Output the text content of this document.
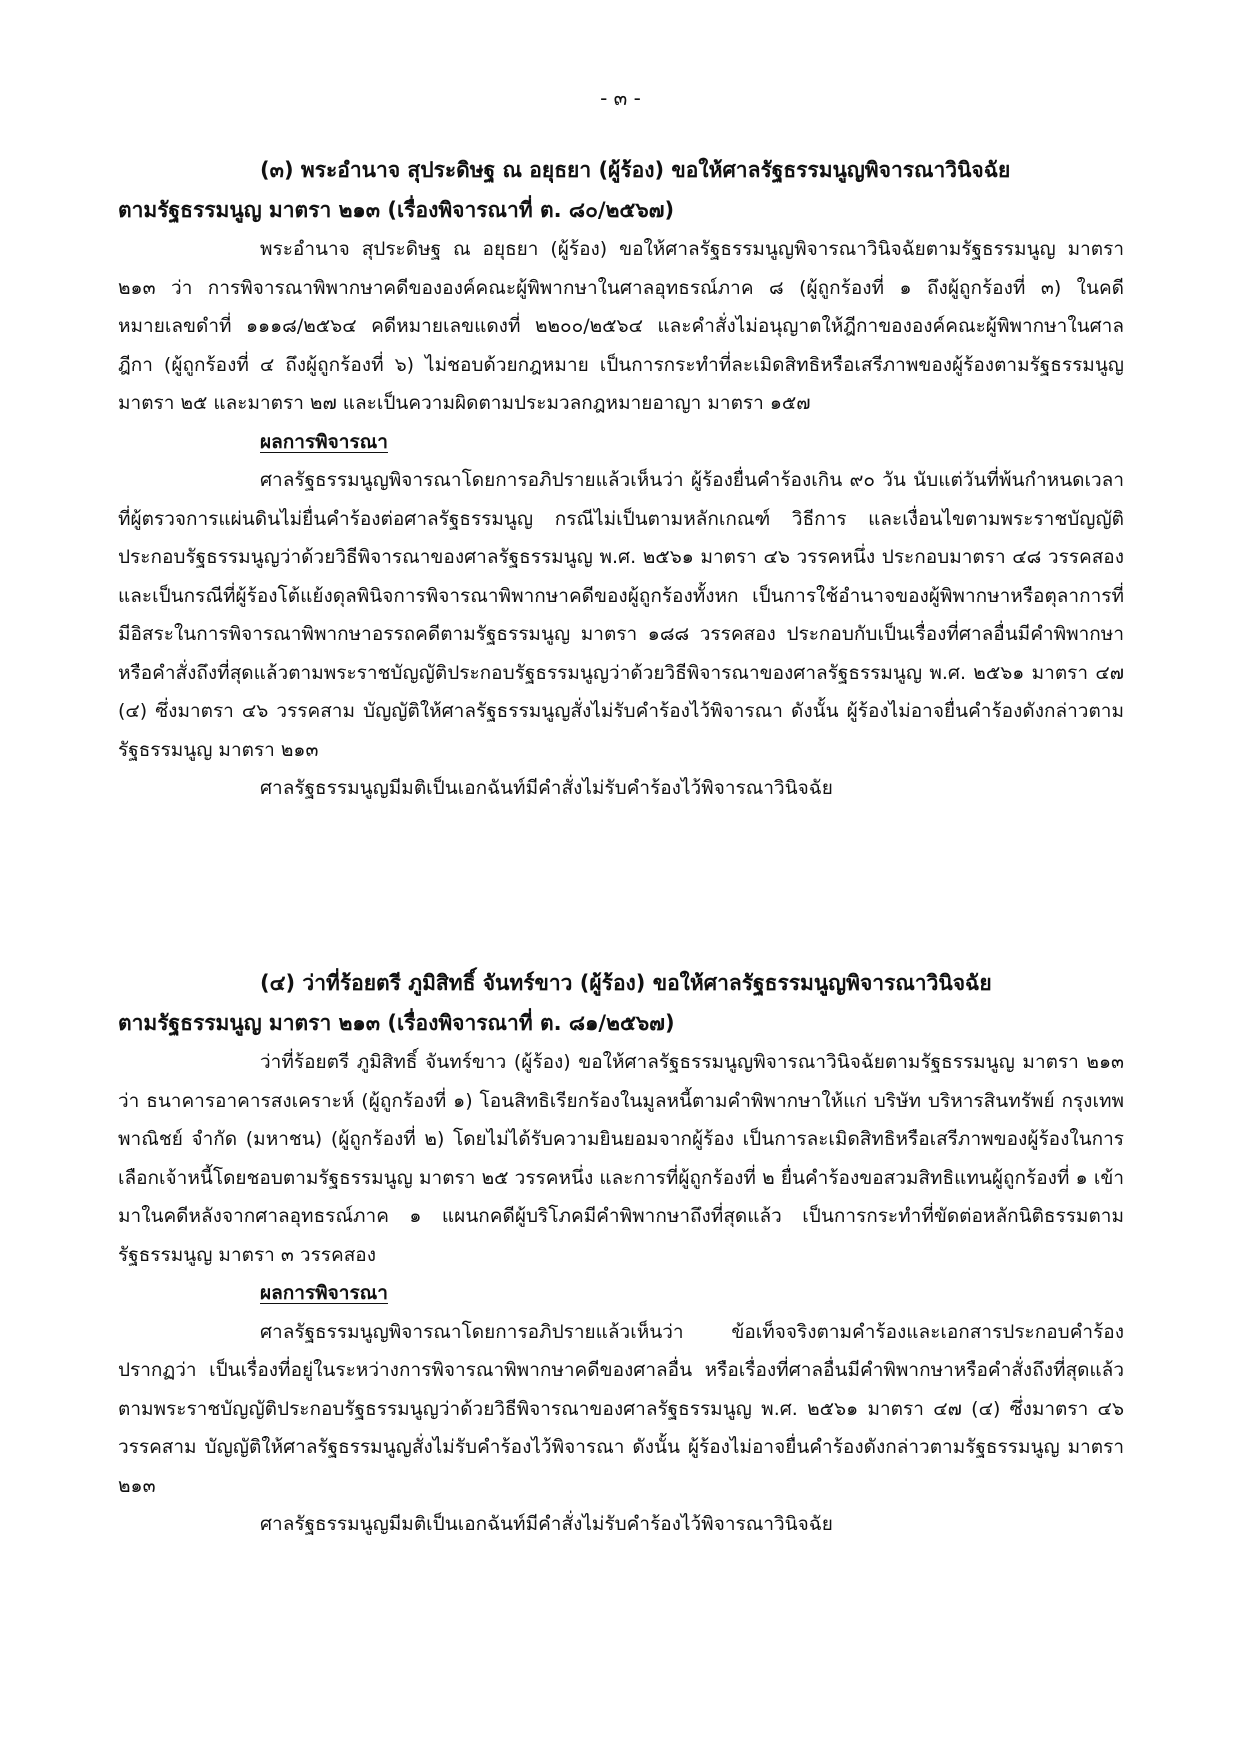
- ๓ -
(๓) พระอำนาจ สุประดิษฐ ณ อยุธยา (ผู้ร้อง) ขอให้ศาลรัฐธรรมนูญพิจารณาวินิจฉัย
ตามรัฐธรรมนูญ มาตรา ๒๑๓ (เรื่องพิจารณาที่ ต. ๘๐/๒๕๖๗)

พระอำนาจ สุประดิษฐ ณ อยุธยา (ผู้ร้อง) ขอให้ศาลรัฐธรรมนูญพิจารณาวินิจฉัยตามรัฐธรรมนูญ มาตรา ๒๑๓ ว่า การพิจารณาพิพากษาคดีขององค์คณะผู้พิพากษาในศาลอุทธรณ์ภาค ๘ (ผู้ถูกร้องที่ ๑ ถึงผู้ถูกร้องที่ ๓) ในคดีหมายเลขดำที่ ๑๑๑๘/๒๕๖๔ คดีหมายเลขแดงที่ ๒๒๐๐/๒๕๖๔ และคำสั่งไม่อนุญาตให้ฎีกาขององค์คณะผู้พิพากษาในศาลฎีกา (ผู้ถูกร้องที่ ๔ ถึงผู้ถูกร้องที่ ๖) ไม่ชอบด้วยกฎหมาย เป็นการกระทำที่ละเมิดสิทธิหรือเสรีภาพของผู้ร้องตามรัฐธรรมนูญ มาตรา ๒๕ และมาตรา ๒๗ และเป็นความผิดตามประมวลกฎหมายอาญา มาตรา ๑๕๗

ผลการพิจารณา

ศาลรัฐธรรมนูญพิจารณาโดยการอภิปรายแล้วเห็นว่า ผู้ร้องยื่นคำร้องเกิน ๙๐ วัน นับแต่วันที่พ้นกำหนดเวลาที่ผู้ตรวจการแผ่นดินไม่ยื่นคำร้องต่อศาลรัฐธรรมนูญ กรณีไม่เป็นตามหลักเกณฑ์ วิธีการ และเงื่อนไขตามพระราชบัญญัติประกอบรัฐธรรมนูญว่าด้วยวิธีพิจารณาของศาลรัฐธรรมนูญ พ.ศ. ๒๕๖๑ มาตรา ๔๖ วรรคหนึ่ง ประกอบมาตรา ๔๘ วรรคสอง และเป็นกรณีที่ผู้ร้องโต้แย้งดุลพินิจการพิจารณาพิพากษาคดีของผู้ถูกร้องทั้งหก เป็นการใช้อำนาจของผู้พิพากษาหรือตุลาการที่มีอิสระในการพิจารณาพิพากษาอรรถคดีตามรัฐธรรมนูญ มาตรา ๑๘๘ วรรคสอง ประกอบกับเป็นเรื่องที่ศาลอื่นมีคำพิพากษาหรือคำสั่งถึงที่สุดแล้วตามพระราชบัญญัติประกอบรัฐธรรมนูญว่าด้วยวิธีพิจารณาของศาลรัฐธรรมนูญ พ.ศ. ๒๕๖๑ มาตรา ๔๗ (๔) ซึ่งมาตรา ๔๖ วรรคสาม บัญญัติให้ศาลรัฐธรรมนูญสั่งไม่รับคำร้องไว้พิจารณา ดังนั้น ผู้ร้องไม่อาจยื่นคำร้องดังกล่าวตามรัฐธรรมนูญ มาตรา ๒๑๓

ศาลรัฐธรรมนูญมีมติเป็นเอกฉันท์มีคำสั่งไม่รับคำร้องไว้พิจารณาวินิจฉัย

(๔) ว่าที่ร้อยตรี ภูมิสิทธิ์ จันทร์ขาว (ผู้ร้อง) ขอให้ศาลรัฐธรรมนูญพิจารณาวินิจฉัย
ตามรัฐธรรมนูญ มาตรา ๒๑๓ (เรื่องพิจารณาที่ ต. ๘๑/๒๕๖๗)

ว่าที่ร้อยตรี ภูมิสิทธิ์ จันทร์ขาว (ผู้ร้อง) ขอให้ศาลรัฐธรรมนูญพิจารณาวินิจฉัยตามรัฐธรรมนูญ มาตรา ๒๑๓ ว่า ธนาคารอาคารสงเคราะห์ (ผู้ถูกร้องที่ ๑) โอนสิทธิเรียกร้องในมูลหนี้ตามคำพิพากษาให้แก่ บริษัท บริหารสินทรัพย์ กรุงเทพพาณิชย์ จำกัด (มหาชน) (ผู้ถูกร้องที่ ๒) โดยไม่ได้รับความยินยอมจากผู้ร้อง เป็นการละเมิดสิทธิหรือเสรีภาพของผู้ร้องในการเลือกเจ้าหนี้โดยชอบตามรัฐธรรมนูญ มาตรา ๒๕ วรรคหนึ่ง และการที่ผู้ถูกร้องที่ ๒ ยื่นคำร้องขอสวมสิทธิแทนผู้ถูกร้องที่ ๑ เข้ามาในคดีหลังจากศาลอุทธรณ์ภาค ๑ แผนกคดีผู้บริโภคมีคำพิพากษาถึงที่สุดแล้ว เป็นการกระทำที่ขัดต่อหลักนิติธรรมตามรัฐธรรมนูญ มาตรา ๓ วรรคสอง

ผลการพิจารณา

ศาลรัฐธรรมนูญพิจารณาโดยการอภิปรายแล้วเห็นว่า ข้อเท็จจริงตามคำร้องและเอกสารประกอบคำร้องปรากฏว่า เป็นเรื่องที่อยู่ในระหว่างการพิจารณาพิพากษาคดีของศาลอื่น หรือเรื่องที่ศาลอื่นมีคำพิพากษาหรือคำสั่งถึงที่สุดแล้วตามพระราชบัญญัติประกอบรัฐธรรมนูญว่าด้วยวิธีพิจารณาของศาลรัฐธรรมนูญ พ.ศ. ๒๕๖๑ มาตรา ๔๗ (๔) ซึ่งมาตรา ๔๖ วรรคสาม บัญญัติให้ศาลรัฐธรรมนูญสั่งไม่รับคำร้องไว้พิจารณา ดังนั้น ผู้ร้องไม่อาจยื่นคำร้องดังกล่าวตามรัฐธรรมนูญ มาตรา ๒๑๓

ศาลรัฐธรรมนูญมีมติเป็นเอกฉันท์มีคำสั่งไม่รับคำร้องไว้พิจารณาวินิจฉัย
